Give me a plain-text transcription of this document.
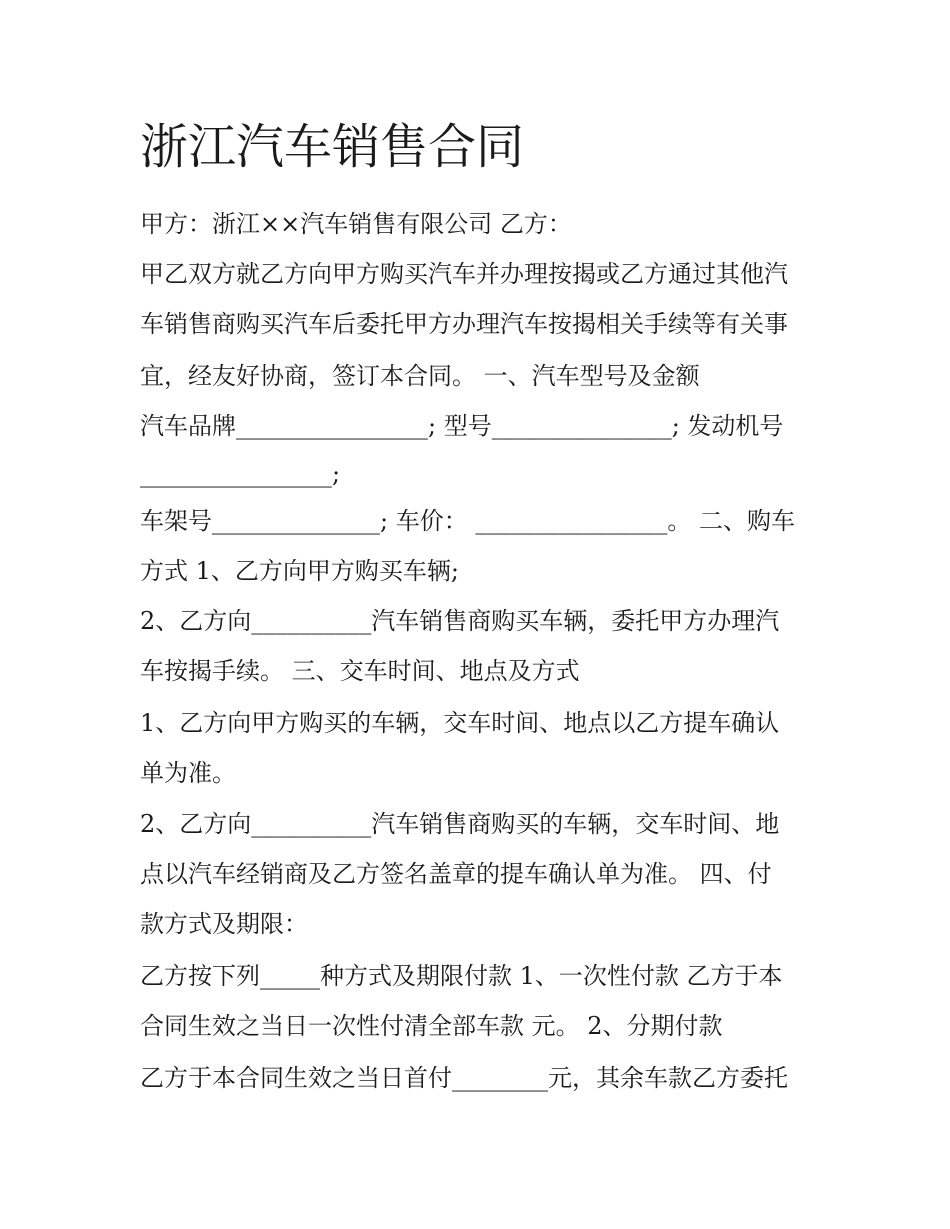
浙江汽车销售合同

甲方：浙江××汽车销售有限公司 乙方：

甲乙双方就乙方向甲方购买汽车并办理按揭或乙方通过其他汽

车销售商购买汽车后委托甲方办理汽车按揭相关手续等有关事

宜，经友好协商，签订本合同。 一、汽车型号及金额

汽车品牌________________; 型号_______________; 发动机号

________________;

车架号______________; 车价： ________________。 二、购车

方式 1、乙方向甲方购买车辆;

2、乙方向__________汽车销售商购买车辆，委托甲方办理汽

车按揭手续。 三、交车时间、地点及方式

1、乙方向甲方购买的车辆，交车时间、地点以乙方提车确认

单为准。

2、乙方向__________汽车销售商购买的车辆，交车时间、地

点以汽车经销商及乙方签名盖章的提车确认单为准。 四、付

款方式及期限：

乙方按下列_____种方式及期限付款 1、一次性付款 乙方于本

合同生效之当日一次性付清全部车款 元。 2、分期付款

乙方于本合同生效之当日首付________元，其余车款乙方委托
